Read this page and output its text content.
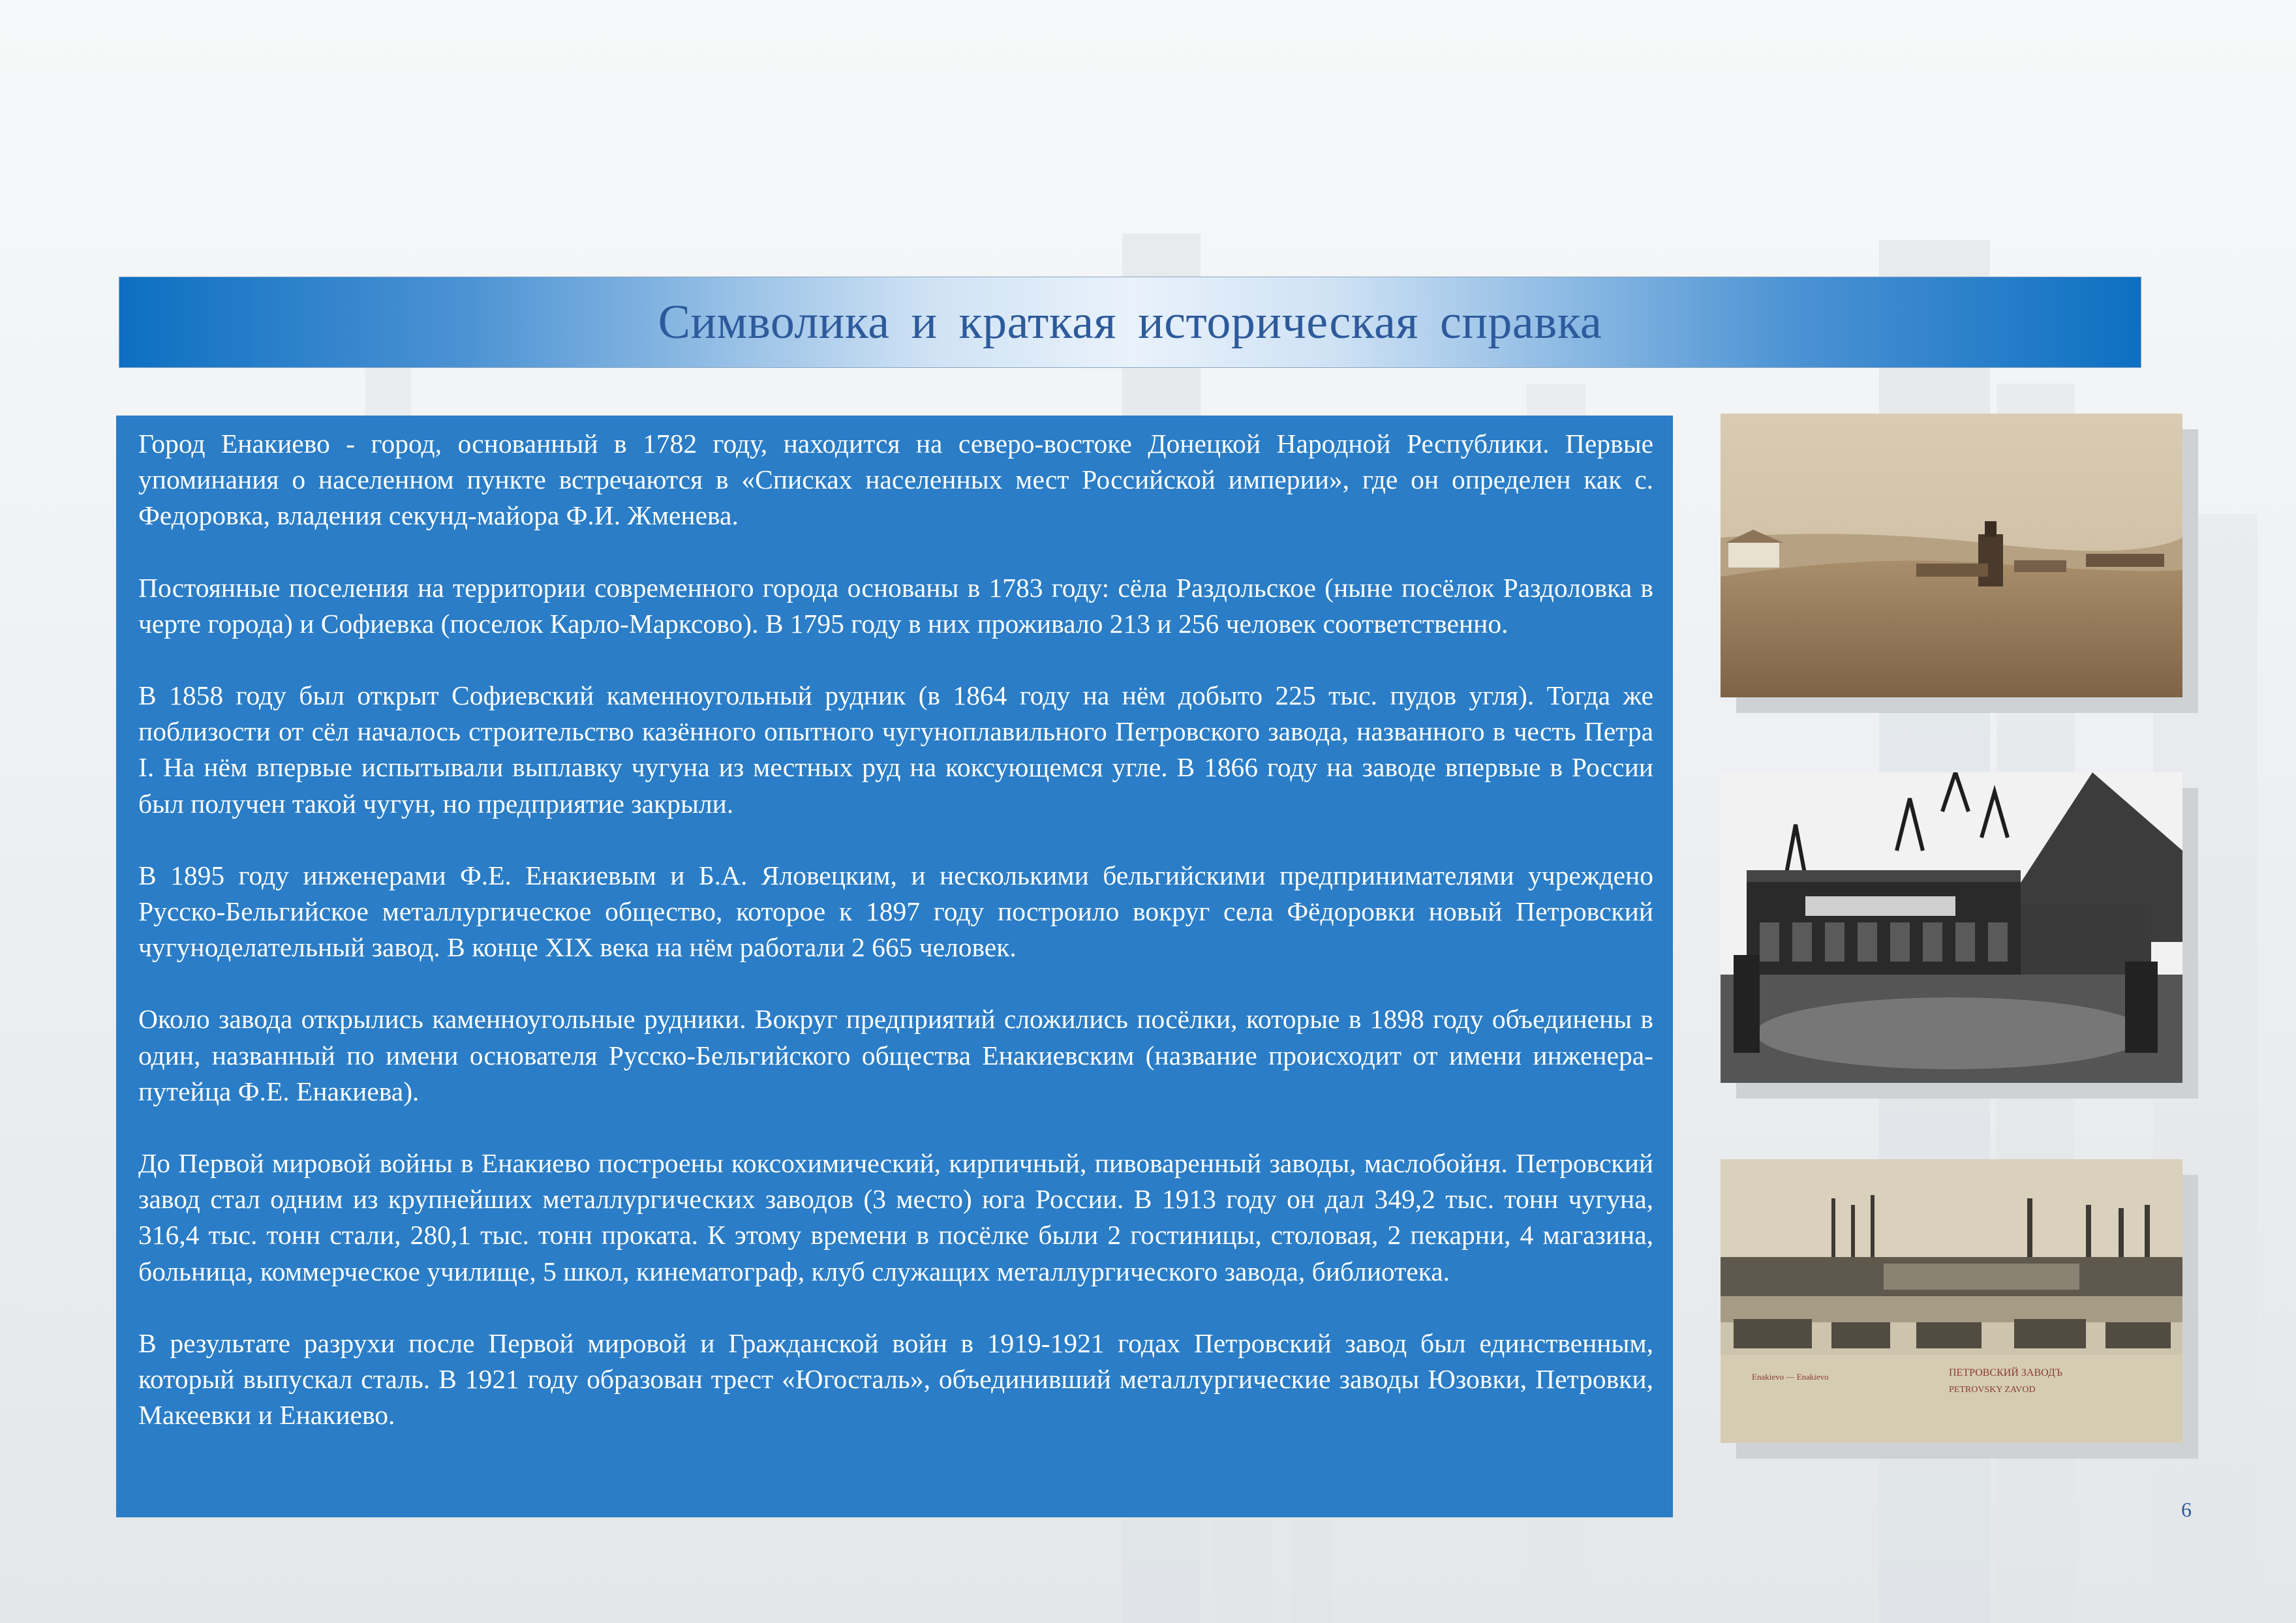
Символика и краткая историческая справка

Город Енакиево - город, основанный в 1782 году, находится на северо-востоке Донецкой Народной Республики. Первые упоминания о населенном пункте встречаются в «Списках населенных мест Российской империи», где он определен как с. Федоровка, владения секунд-майора Ф.И. Жменева.

Постоянные поселения на территории современного города основаны в 1783 году: сёла Раздольское (ныне посёлок Раздоловка в черте города) и Софиевка (поселок Карло-Марксово). В 1795 году в них проживало 213 и 256 человек соответственно.

В 1858 году был открыт Софиевский каменноугольный рудник (в 1864 году на нём добыто 225 тыс. пудов угля). Тогда же поблизости от сёл началось строительство казённого опытного чугуноплавильного Петровского завода, названного в честь Петра I. На нём впервые испытывали выплавку чугуна из местных руд на коксующемся угле. В 1866 году на заводе впервые в России был получен такой чугун, но предприятие закрыли.

В 1895 году инженерами Ф.Е. Енакиевым и Б.А. Яловецким, и несколькими бельгийскими предпринимателями учреждено Русско-Бельгийское металлургическое общество, которое к 1897 году построило вокруг села Фёдоровки новый Петровский чугуноделательный завод. В конце XIX века на нём работали 2 665 человек.

Около завода открылись каменноугольные рудники. Вокруг предприятий сложились посёлки, которые в 1898 году объединены в один, названный по имени основателя Русско-Бельгийского общества Енакиевским (название происходит от имени инженера-путейца Ф.Е. Енакиева).

До Первой мировой войны в Енакиево построены коксохимический, кирпичный, пивоваренный заводы, маслобойня. Петровский завод стал одним из крупнейших металлургических заводов (3 место) юга России. В 1913 году он дал 349,2 тыс. тонн чугуна, 316,4 тыс. тонн стали, 280,1 тыс. тонн проката. К этому времени в посёлке были 2 гостиницы, столовая, 2 пекарни, 4 магазина, больница, коммерческое училище, 5 школ, кинематограф, клуб служащих металлургического завода, библиотека.

В результате разрухи после Первой мировой и Гражданской войн в 1919-1921 годах Петровский завод был единственным, который выпускал сталь. В 1921 году образован трест «Югосталь», объединивший металлургические заводы Юзовки, Петровки, Макеевки и Енакиево.

Enakievo — Enakievo	ПЕТРОВСКИЙ ЗАВОДЪ
PETROVSKY ZAVOD
6
